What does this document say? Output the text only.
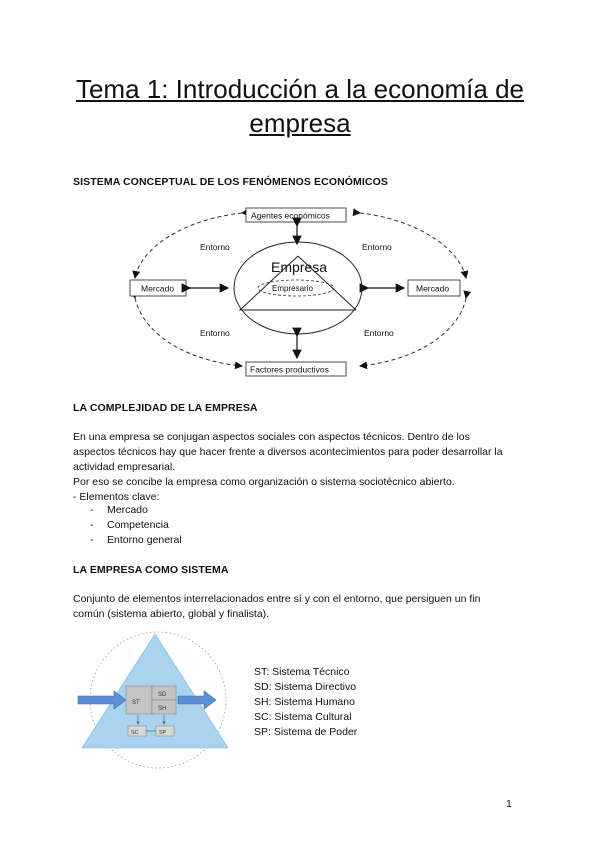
Tema 1: Introducción a la economía de empresa
SISTEMA CONCEPTUAL DE LOS FENÓMENOS ECONÓMICOS
Empresa
Empresario
Agentes económicos
Factores productivos
Mercado	Mercado
Entorno	Entorno
Entorno	Entorno
LA COMPLEJIDAD DE LA EMPRESA

En una empresa se conjugan aspectos sociales con aspectos técnicos. Dentro de los

aspectos técnicos hay que hacer frente a diversos acontecimientos para poder desarrollar la

actividad empresarial.

Por eso se concibe la empresa como organización o sistema sociotécnico abierto.

- Elementos clave:

- Mercado

- Competencia

- Entorno general

LA EMPRESA COMO SISTEMA

Conjunto de elementos interrelacionados entre sí y con el entorno, que persiguen un fin

común (sistema abierto, global y finalista).

ST
SD
SH
SC	SP

ST: Sistema Técnico

SD: Sistema Directivo

SH: Sistema Humano

SC: Sistema Cultural

SP: Sistema de Poder

1
